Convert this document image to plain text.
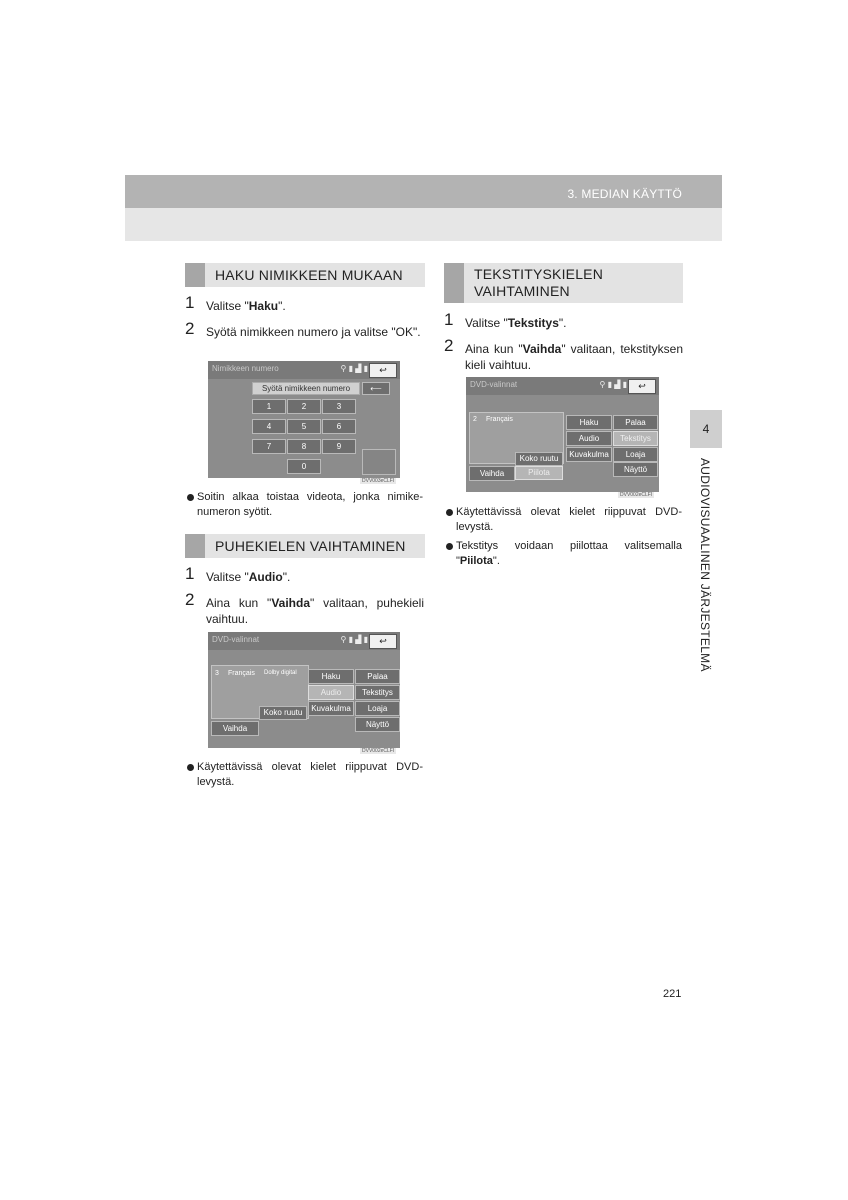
3. MEDIAN KÄYTTÖ
4
AUDIOVISUAALINEN JÄRJESTELMÄ
HAKU NIMIKKEEN MUKAAN
1 Valitse "Haku".
2 Syötä nimikkeen numero ja valitse "OK".
Nimikkeen numero	⚲ ▮ ▟ ▮	↩
Syötä nimikkeen numero	⟵
1	2	3
4	5	6
7	8	9
0
DVV003eCLFI
Soitin alkaa toistaa videota, jonka nimike-numeron syötit.
PUHEKIELEN VAIHTAMINEN
1 Valitse "Audio".
2 Aina kun "Vaihda" valitaan, puhekieli vaihtuu.
DVD-valinnat	⚲ ▮ ▟ ▮	↩
3 Français Dolby digital
Koko ruutu
Vaihda
Haku	Palaa
Audio	Tekstitys
Kuvakulma	Loaja
Näyttö
DVV002eCLFI
Käytettävissä olevat kielet riippuvat DVD-levystä.
TEKSTITYSKIELEN
VAIHTAMINEN
1 Valitse "Tekstitys".
2 Aina kun "Vaihda" valitaan, tekstityksen kieli vaihtuu.
DVD-valinnat	⚲ ▮ ▟ ▮	↩
2 Français
Koko ruutu
Piilota
Vaihda
Haku	Palaa
Audio	Tekstitys
Kuvakulma	Loaja
Näyttö
DVV002eCLFI
Käytettävissä olevat kielet riippuvat DVD-levystä.
Tekstitys voidaan piilottaa valitsemalla "Piilota".
221
